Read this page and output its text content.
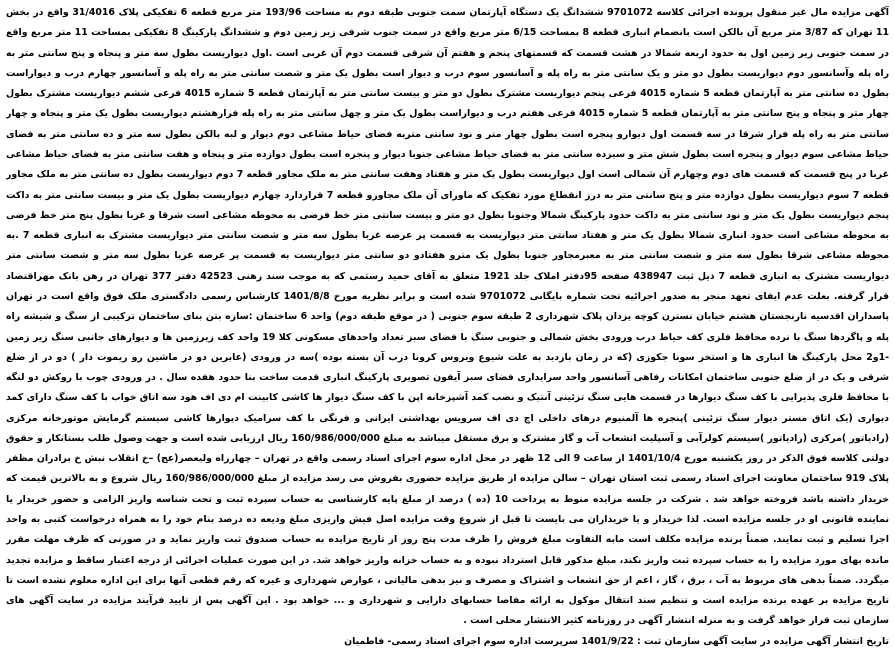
آگهی مزایده مال غیر منقول پرونده اجرائی کلاسه 9701072 ششدانگ یک دستگاه آپارتمان سمت جنوبی طبقه دوم به مساحت 193/96 متر مربع قطعه 6 تفکیکی پلاک 31/4016 واقع در بخش 11 تهران که 3/87 متر مربع آن بالکن است بانضمام انباری قطعه 8 بمساحت 6/15 متر مربع واقع در سمت جنوب شرقی زیر زمین دوم و ششدانگ پارکینگ 8 تفکیکی بمساحت 11 متر مربع واقع در سمت جنوبی زیر زمین اول به حدود اربعه شمالا در هشت قسمت که قسمتهای پنجم و هفتم آن شرقی قسمت دوم آن غربی است .اول دیواریست بطول سه متر و پنجاه و پنج سانتی متر به راه پله وآسانسور دوم دیواریست بطول دو متر و یک سانتی متر به راه پله و آسانسور سوم درب و دیوار است بطول یک متر و شصت سانتی متر به راه پله و آسانسور چهارم درب و دیواراست بطول ده سانتی متر به آپارتمان قطعه 5 شماره 4015 فرعی پنجم دیواریست مشترک بطول دو متر و بیست سانتی متر به آپارتمان قطعه 5 شماره 4015 فرعی ششم دیواریست مشترک بطول چهار متر و پنجاه و پنج سانتی متر به آپارتمان قطعه 5 شماره 4015 فرعی هفتم درب و دیواراست بطول یک متر و چهل سانتی متر به راه پله فرارهشتم دیواریست بطول یک متر و پنجاه و چهار سانتی متر به راه پله فرار شرقا در سه قسمت اول دیوارو پنجره است بطول چهار متر و نود سانتی متربه فضای حیاط مشاعی دوم دیوار و لبه بالکن بطول سه متر و ده سانتی متر به فضای حیاط مشاعی سوم دیوار و پنجره است بطول شش متر و سیزده سانتی متر به فضای حیاط مشاعی جنوبا دیوار و پنجره است بطول دوازده متر و پنجاه و هفت سانتی متر به فضای حیاط مشاعی غربا در پنج قسمت که قسمت های دوم وچهارم آن شمالی است اول دیواریست بطول یک متر و هفتاد وهفت سانتی متر به ملک مجاور قطعه 7 دوم دیواریست بطول ده سانتی متر به ملک مجاور قطعه 7 سوم دیواریست بطول دوازده متر و پنج سانتی متر به درز انقطاع مورد تفکیک که ماورای آن ملک مجاورو قطعه 7 قراردارد چهارم دیواریست بطول یک متر و بیست سانتی متر به داکت پنجم دیواریست بطول یک متر و نود سانتی متر به داکت حدود پارکینگ شمالا وجنوبا بطول دو متر و بیست سانتی متر خط فرضی به محوطه مشاعی است شرقا و غربا بطول پنج متر خط فرضی به محوطه مشاعی است حدود انباری شمالا بطول یک متر و هفتاد سانتی متر دیواریست به قسمت پر عرصه غربا بطول سه متر و شصت سانتی متر دیواریست مشترک به انباری قطعه 7 .به محوطه مشاعی شرقا بطول سه متر و شصت سانتی متر به معبرمجاور جنوبا بطول یک مترو هفتادو دو سانتی متر دیواریست به قسمت پر عرصه غربا بطول سه متر و شصت سانتی متر دیواریست مشترک به انباری قطعه 7 ذیل ثبت 438947 صفحه 95دفتر املاک جلد 1921 متعلق به آقای حمید رستمی که به موجب سند رهنی 42523 دفتر 377 تهران در رهن بانک مهراقتصاد قرار گرفته. بعلت عدم ایفای تعهد منجر به صدور اجرائیه تحت شماره بایگانی 9701072 شده است و برابر نظریه مورخ 1401/8/8 کارشناس رسمی دادگستری ملک فوق واقع است در تهران پاسداران اقدسیه نارنجستان هشتم خیابان نسترن کوچه یزدان پلاک شهرداری 2 طبقه سوم جنوبی ( در موقع طبقه دوم) واحد 6 ساختمان :سازه بتن بنای ساختمان ترکیبی از سنگ و شیشه راه پله و پاگردها سنگ با نرده محافظ فلزی کف حیاط درب ورودی بخش شمالی و جنوبی سنگ با فضای سبز تعداد واحدهای مسکونی کلا 19 واحد کف زیرزمین ها و دیوارهای جانبی سنگ زیر زمین -1و2 محل پارکینگ ها انباری ها و استخر سونا جکوزی (که در زمان بازدید به علت شیوع ویروس کرونا درب آن بسته بوده )سه در ورودی (عابرین دو در ماشین رو ریموت دار ) دو در از ضلع شرقی و یک در از ضلع جنوبی ساختمان امکانات رفاهی آسانسور واحد سرایداری فضای سبز آیفون تصویری پارکینگ انباری قدمت ساخت بنا حدود هفده سال . در ورودی چوب با روکش دو لنگه با محافظ فلزی پذیرایی با کف سنگ دیوارها در قسمت هایی سنگ تزئینی آنتیک و نصب کمد آشپزخانه اپن با کف سنگ دیوار ها کاشی کابینت ام دی اف هود سه اتاق خواب با کف سنگ دارای کمد دیواری (یک اتاق مستر دیوار سنگ تزئینی )پنجره ها آلمنیوم درهای داخلی اچ دی اف سرویس بهداشتی ایرانی و فرنگی با کف سرامیک دیوارها کاشی سیستم گرمایش موتورخانه مرکزی (رادیاتور )مرکزی (رادیاتور )سیستم کولرآبی و آسپلیت انشعاب آب و گاز مشترک و برق مستقل میباشد به مبلغ 160/986/000/000 ریال ارزیابی شده است و جهت وصول طلب بستانکار و حقوق دولتی کلاسه فوق الذکر در روز یکشنبه مورخ 1401/10/4 از ساعت 9 الی 12 ظهر در محل اداره سوم اجرای اسناد رسمی واقع در تهران – چهارراه ولیعصر(عج) –خ انقلاب نبش خ برادران مظفر پلاک 919 ساختمان معاونت اجرای اسناد رسمی ثبت استان تهران – سالن مزایده از طریق مزایده حضوری بفروش می رسد مزایده از مبلغ 160/986/000/000 ریال شروع و به بالاترین قیمت که خریدار داشته باشد فروخته خواهد شد . شرکت در جلسه مزایده منوط به پرداخت 10 (ده ) درصد از مبلغ پایه کارشناسی به حساب سپرده ثبت و تحت شناسه واریز الزامی و حضور خریدار یا نماینده قانونی او در جلسه مزایده است. لذا خریدار و یا خریداران می بایست تا قبل از شروع وقت مزایده اصل فیش واریزی مبلغ ودیعه ده درصد بنام خود را به همراه درخواست کتبی به واحد اجرا تسلیم و ثبت نمایند. ضمناً برنده مزایده مکلف است مابه التفاوت مبلغ فروش را ظرف مدت پنج روز از تاریخ مزایده به حساب صندوق ثبت واریز نماید و در صورتی که ظرف مهلت مقرر مانده بهای مورد مزایده را به حساب سپرده ثبت واریز نکند، مبلغ مذکور قابل استرداد نبوده و به حساب خزانه واریز خواهد شد. در این صورت عملیات اجرائی از درجه اعتبار ساقط و مزایده تجدید میگردد. ضمناً بدهی های مربوط به آب ، برق ، گاز ، اعم از حق انشعاب و اشتراک و مصرف و نیز بدهی مالیاتی ، عوارض شهرداری و غیره که رقم قطعی آنها برای این اداره معلوم نشده است تا تاریخ مزایده بر عهده برنده مزایده است و تنظیم سند انتقال موکول به ارائه مفاصا حسابهای دارایی و شهرداری و ... خواهد بود . این آگهی پس از تایید فرآیند مزایده در سایت آگهی های سازمان ثبت قرار خواهد گرفت و به منزله انتشار آگهی در روزنامه کثیر الانتشار محلی است .

تاریخ انتشار آگهی مزایده در سایت آگهی سازمان ثبت : 1401/9/22 سرپرست اداره سوم اجرای اسناد رسمی- فاطمیان
